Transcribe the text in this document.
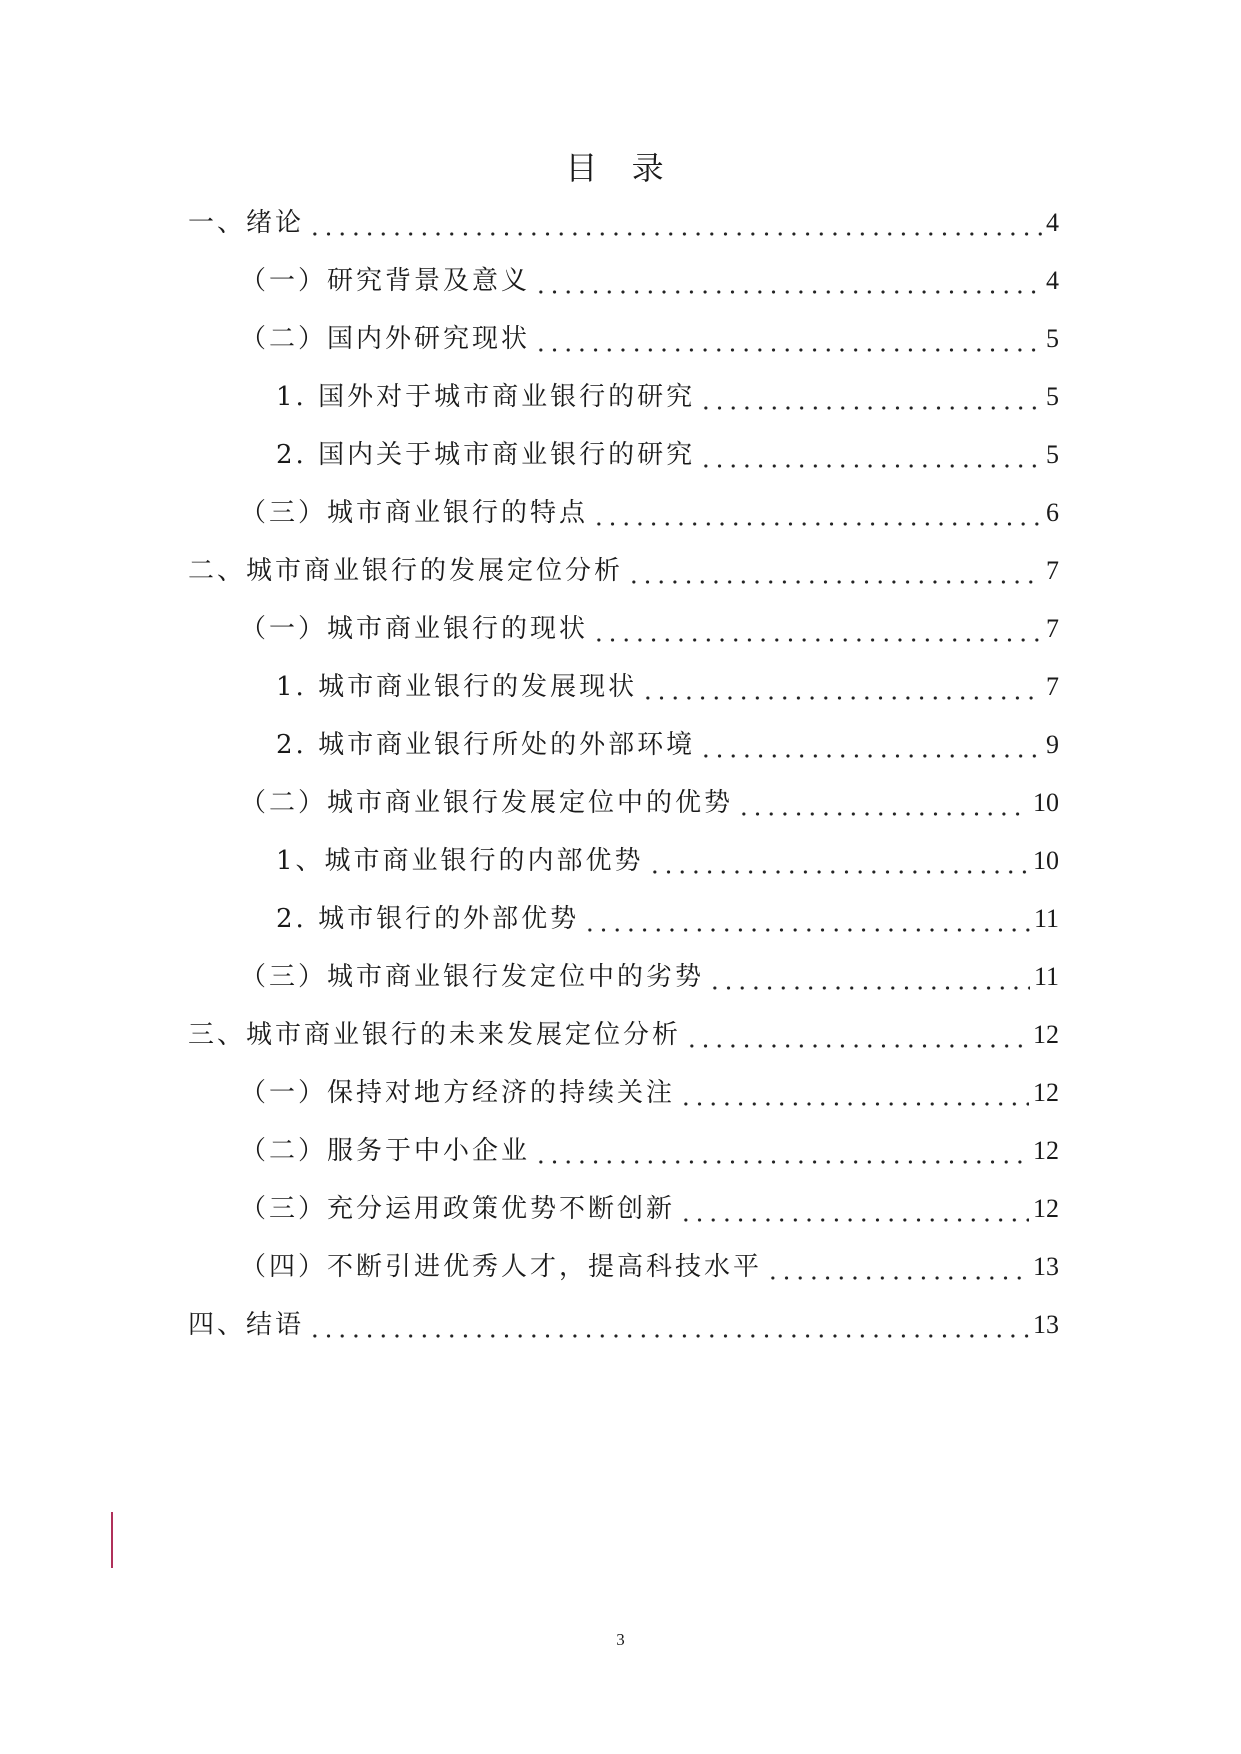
目 录
一、绪论	4
（一）研究背景及意义	4
（二）国内外研究现状	5
1. 国外对于城市商业银行的研究	5
2. 国内关于城市商业银行的研究	5
（三）城市商业银行的特点	6
二、城市商业银行的发展定位分析	7
（一）城市商业银行的现状	7
1. 城市商业银行的发展现状	7
2. 城市商业银行所处的外部环境	9
（二）城市商业银行发展定位中的优势	10
1、城市商业银行的内部优势	10
2. 城市银行的外部优势	11
（三）城市商业银行发定位中的劣势	11
三、城市商业银行的未来发展定位分析	12
（一）保持对地方经济的持续关注	12
（二）服务于中小企业	12
（三）充分运用政策优势不断创新	12
（四）不断引进优秀人才，提高科技水平	13
四、结语	13
3
